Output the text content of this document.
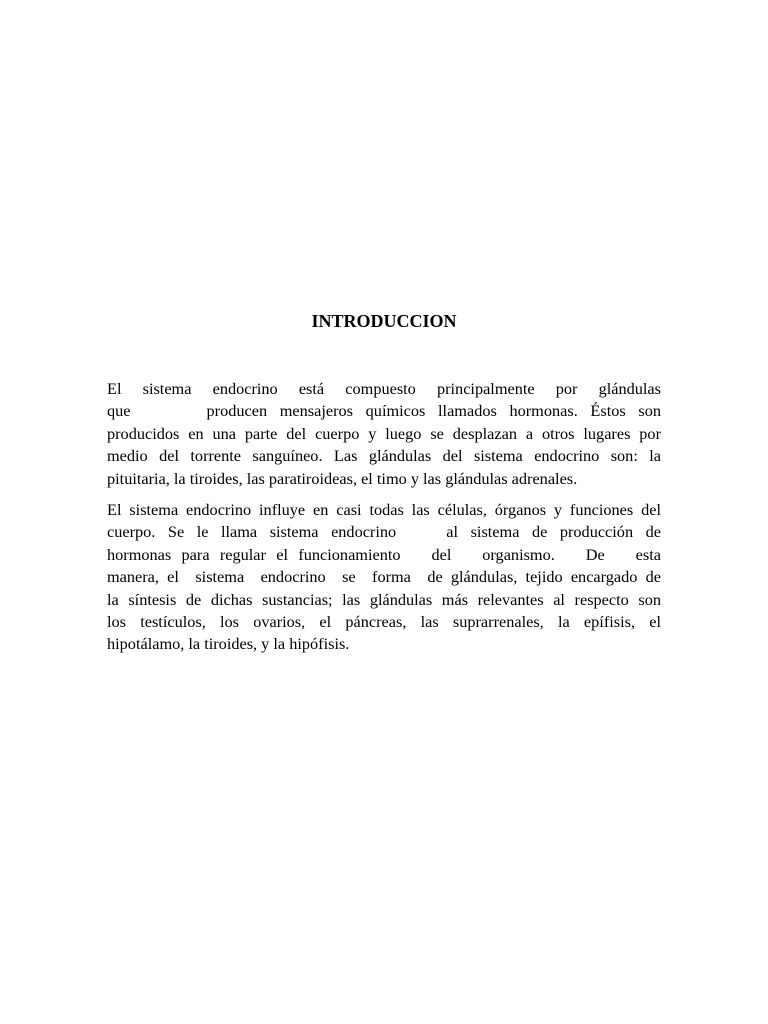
INTRODUCCION

El sistema endocrino está compuesto principalmente por glándulas
que      producen mensajeros químicos llamados hormonas. Éstos son
producidos en una parte del cuerpo y luego se desplazan a otros lugares por
medio del torrente sanguíneo. Las glándulas del sistema endocrino son: la
pituitaria, la tiroides, las paratiroideas, el timo y las glándulas adrenales.

El sistema endocrino influye en casi todas las células, órganos y funciones del
cuerpo. Se le llama sistema endocrino    al sistema de producción de
hormonas para regular el funcionamiento   del   organismo.   De   esta
manera, el  sistema  endocrino  se  forma  de glándulas, tejido encargado de
la síntesis de dichas sustancias; las glándulas más relevantes al respecto son
los testículos, los ovarios, el páncreas, las suprarrenales, la epífisis, el
hipotálamo, la tiroides, y la hipófisis.
